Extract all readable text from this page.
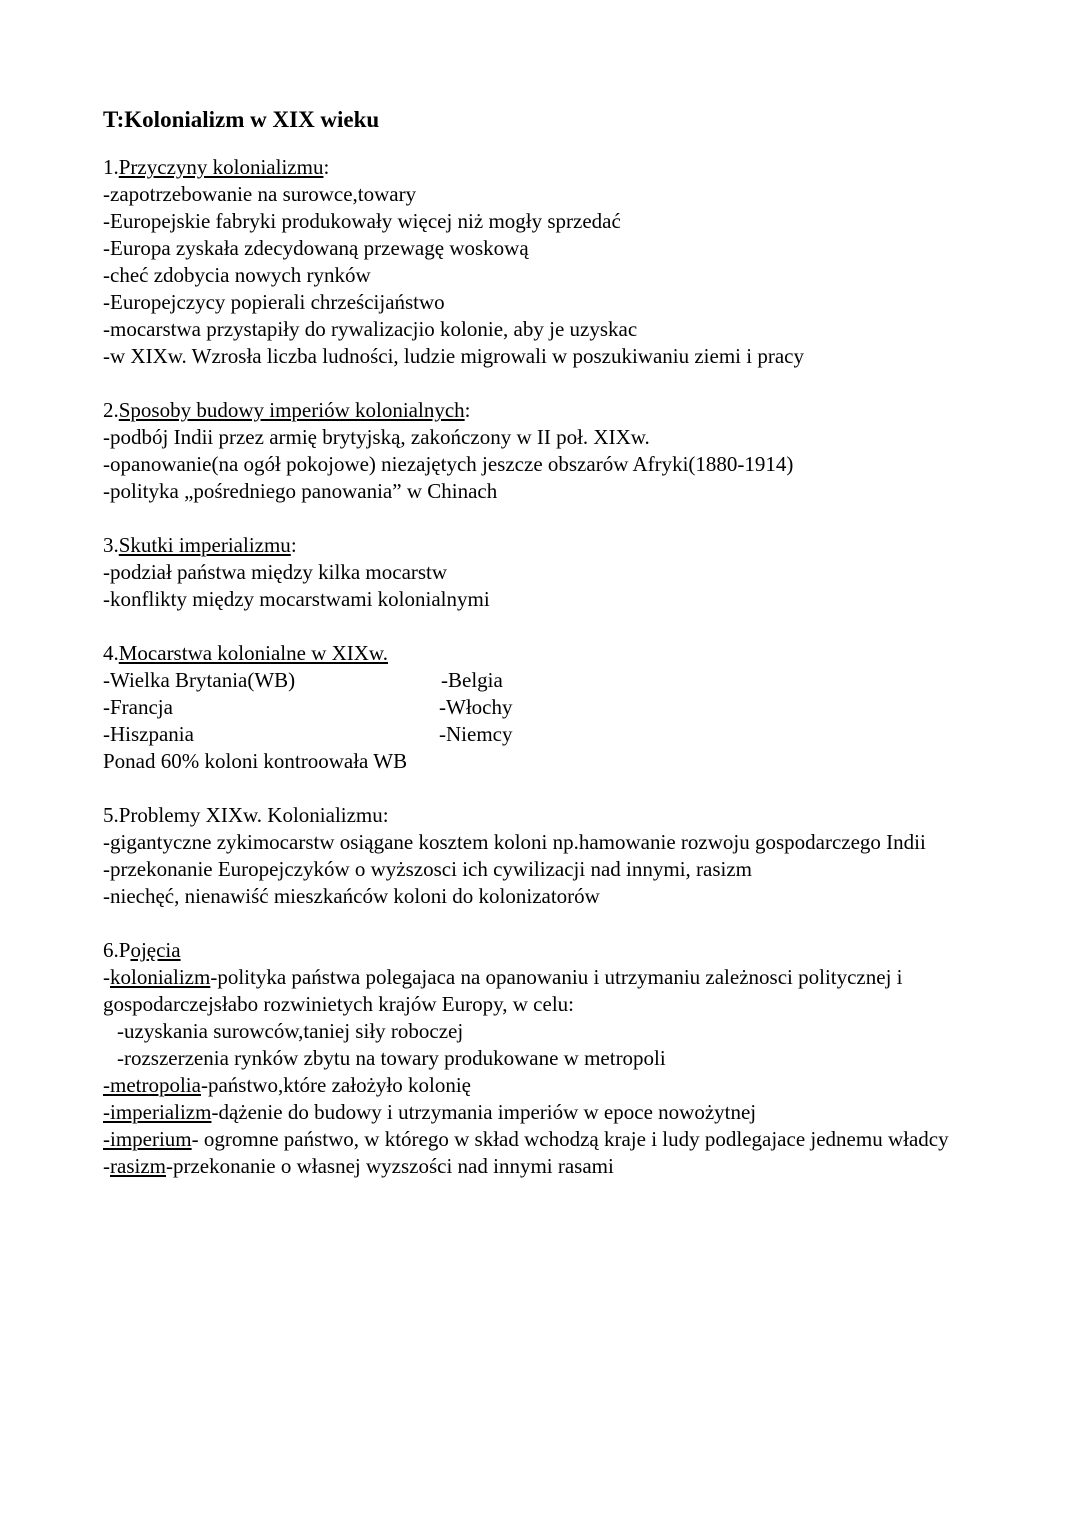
T:Kolonializm w XIX wieku
1.Przyczyny kolonializmu:
-zapotrzebowanie na surowce,towary
-Europejskie fabryki produkowały więcej niż mogły sprzedać
-Europa zyskała zdecydowaną przewagę woskową
-cheć zdobycia nowych rynków
-Europejczycy popierali chrześcijaństwo
-mocarstwa przystapiły do rywalizacjio kolonie, aby je uzyskac
-w XIXw. Wzrosła liczba ludności, ludzie migrowali w poszukiwaniu ziemi i pracy
2.Sposoby budowy imperiów kolonialnych:
-podbój Indii przez armię brytyjską, zakończony w II poł. XIXw.
-opanowanie(na ogół pokojowe) niezajętych jeszcze obszarów Afryki(1880-1914)
-polityka „pośredniego panowania” w Chinach
3.Skutki imperializmu:
-podział państwa między kilka mocarstw
-konflikty między mocarstwami kolonialnymi
4.Mocarstwa kolonialne w XIXw.
-Wielka Brytania(WB)	-Belgia
-Francja	-Włochy
-Hiszpania	-Niemcy
Ponad 60% koloni kontroowała WB
5.Problemy XIXw. Kolonializmu:
-gigantyczne zykimocarstw osiągane kosztem koloni np.hamowanie rozwoju gospodarczego Indii
-przekonanie Europejczyków o wyższosci ich cywilizacji nad innymi, rasizm
-niechęć, nienawiść mieszkańców koloni do kolonizatorów
6.Pojęcia
-kolonializm-polityka państwa polegajaca na opanowaniu i utrzymaniu zależnosci politycznej i gospodarczejsłabo rozwinietych krajów Europy, w celu:
-uzyskania surowców,taniej siły roboczej
-rozszerzenia rynków zbytu na towary produkowane w metropoli
-metropolia-państwo,które założyło kolonię
-imperializm-dążenie do budowy i utrzymania imperiów w epoce nowożytnej
-imperium- ogromne państwo, w którego w skład wchodzą kraje i ludy podlegajace jednemu władcy
-rasizm-przekonanie o własnej wyzszości nad innymi rasami
